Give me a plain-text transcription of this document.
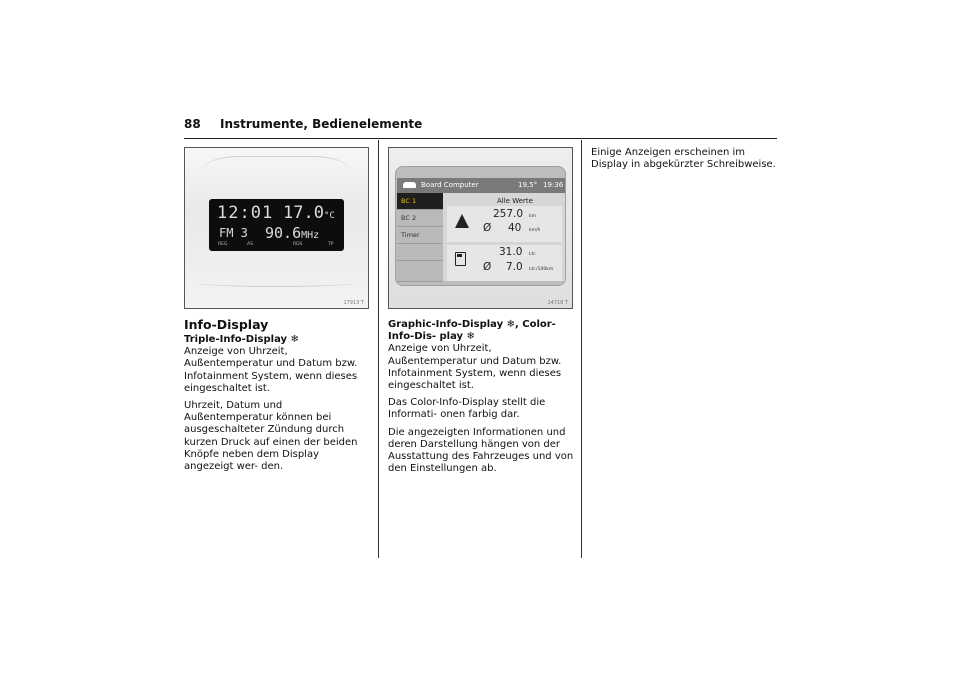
88 Instrumente, Bedienelemente
12:01 17.0°C
FM 3 90.6MHz
REG	AS	RDS	TP
17913 T	14718 T
Board Computer	19,5° 19:36
BC 1
BC 2
Timer
Alle Werte
257.0 km
Ø 40 km/h
31.0 Ltr.
Ø 7.0 Ltr./100km

Info-Display

Triple-Info-Display ❄

Anzeige von Uhrzeit, Außentemperatur und Datum bzw. Infotainment System, wenn dieses eingeschaltet ist.

Uhrzeit, Datum und Außentemperatur können bei ausgeschalteter Zündung durch kurzen Druck auf einen der beiden Knöpfe neben dem Display angezeigt wer- den.

Graphic-Info-Display ❄, Color-Info-Dis- play ❄

Anzeige von Uhrzeit, Außentemperatur und Datum bzw. Infotainment System, wenn dieses eingeschaltet ist.

Das Color-Info-Display stellt die Informati- onen farbig dar.

Die angezeigten Informationen und deren Darstellung hängen von der Ausstattung des Fahrzeuges und von den Einstellungen ab.

Einige Anzeigen erscheinen im Display in abgekürzter Schreibweise.
